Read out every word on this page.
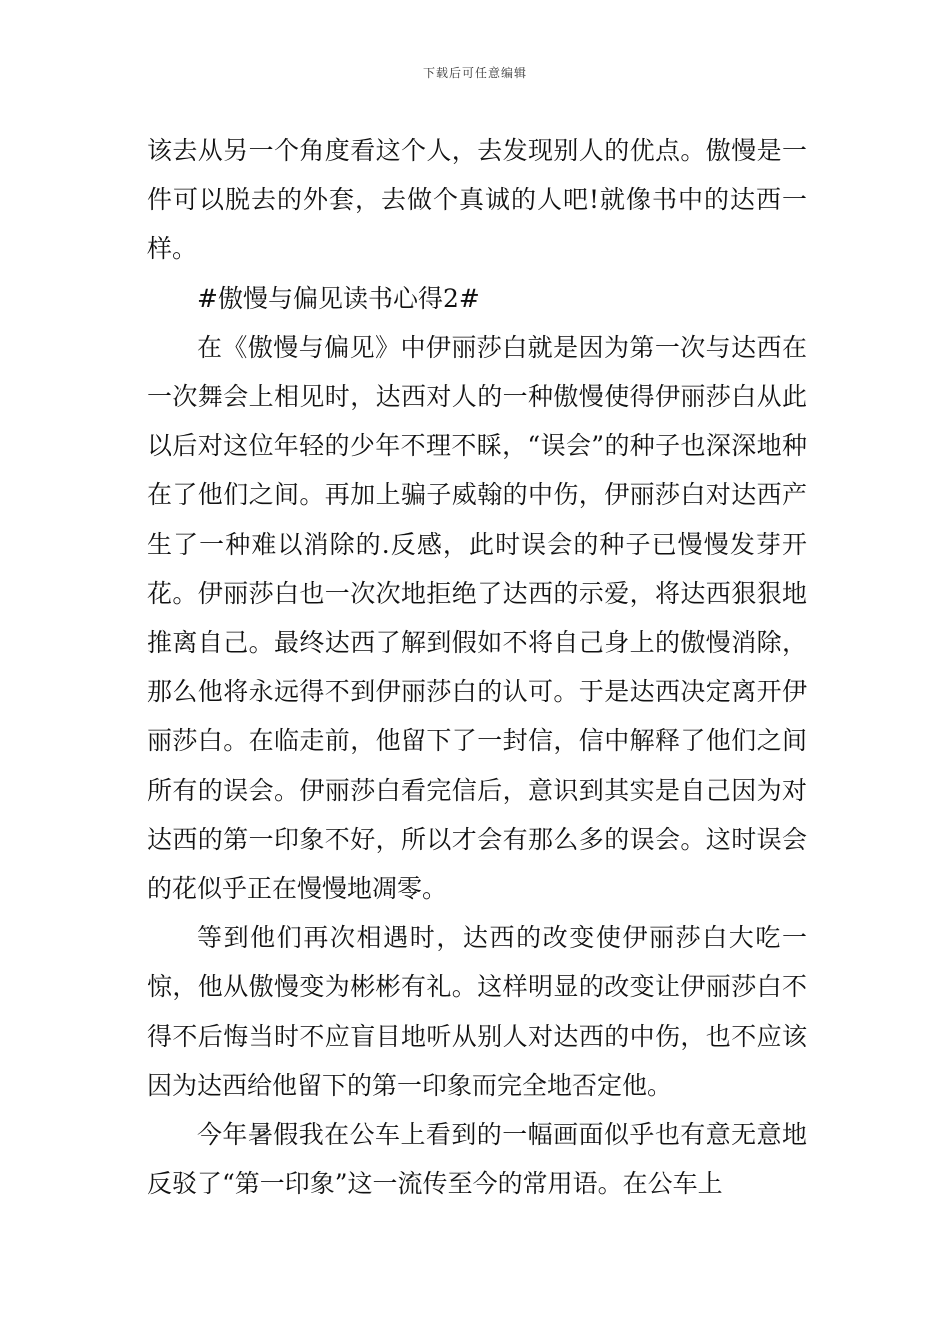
下载后可任意编辑

该去从另一个角度看这个人，去发现别人的优点。傲慢是一件可以脱去的外套，去做个真诚的人吧!就像书中的达西一样。

#傲慢与偏见读书心得2#

在《傲慢与偏见》中伊丽莎白就是因为第一次与达西在一次舞会上相见时，达西对人的一种傲慢使得伊丽莎白从此以后对这位年轻的少年不理不睬，“误会”的种子也深深地种在了他们之间。再加上骗子威翰的中伤，伊丽莎白对达西产生了一种难以消除的.反感，此时误会的种子已慢慢发芽开花。伊丽莎白也一次次地拒绝了达西的示爱，将达西狠狠地推离自己。最终达西了解到假如不将自己身上的傲慢消除，那么他将永远得不到伊丽莎白的认可。于是达西决定离开伊丽莎白。在临走前，他留下了一封信，信中解释了他们之间所有的误会。伊丽莎白看完信后，意识到其实是自己因为对达西的第一印象不好，所以才会有那么多的误会。这时误会的花似乎正在慢慢地凋零。

等到他们再次相遇时，达西的改变使伊丽莎白大吃一惊，他从傲慢变为彬彬有礼。这样明显的改变让伊丽莎白不得不后悔当时不应盲目地听从别人对达西的中伤，也不应该因为达西给他留下的第一印象而完全地否定他。

今年暑假我在公车上看到的一幅画面似乎也有意无意地反驳了“第一印象”这一流传至今的常用语。在公车上
